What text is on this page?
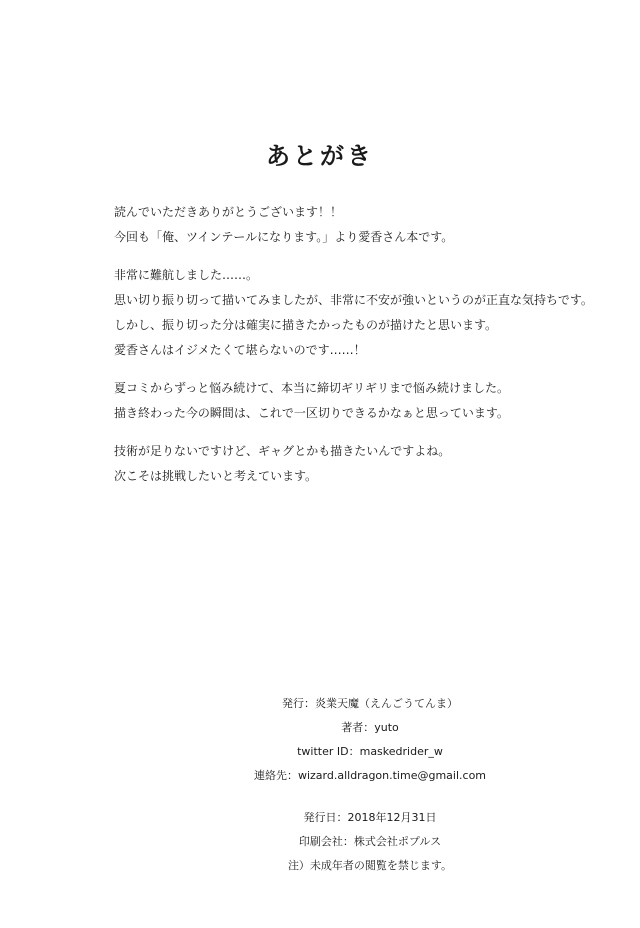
あとがき
読んでいただきありがとうございます！！
今回も「俺、ツインテールになります。」より愛香さん本です。
非常に難航しました……。
思い切り振り切って描いてみましたが、非常に不安が強いというのが正直な気持ちです。
しかし、振り切った分は確実に描きたかったものが描けたと思います。
愛香さんはイジメたくて堪らないのです……！
夏コミからずっと悩み続けて、本当に締切ギリギリまで悩み続けました。
描き終わった今の瞬間は、これで一区切りできるかなぁと思っています。
技術が足りないですけど、ギャグとかも描きたいんですよね。
次こそは挑戦したいと考えています。
発行：炎業天魔（えんごうてんま）
著者：yuto
twitter ID：maskedrider_w
連絡先：wizard.alldragon.time@gmail.com
発行日：2018年12月31日
印刷会社：株式会社ポプルス
注）未成年者の閲覧を禁じます。
